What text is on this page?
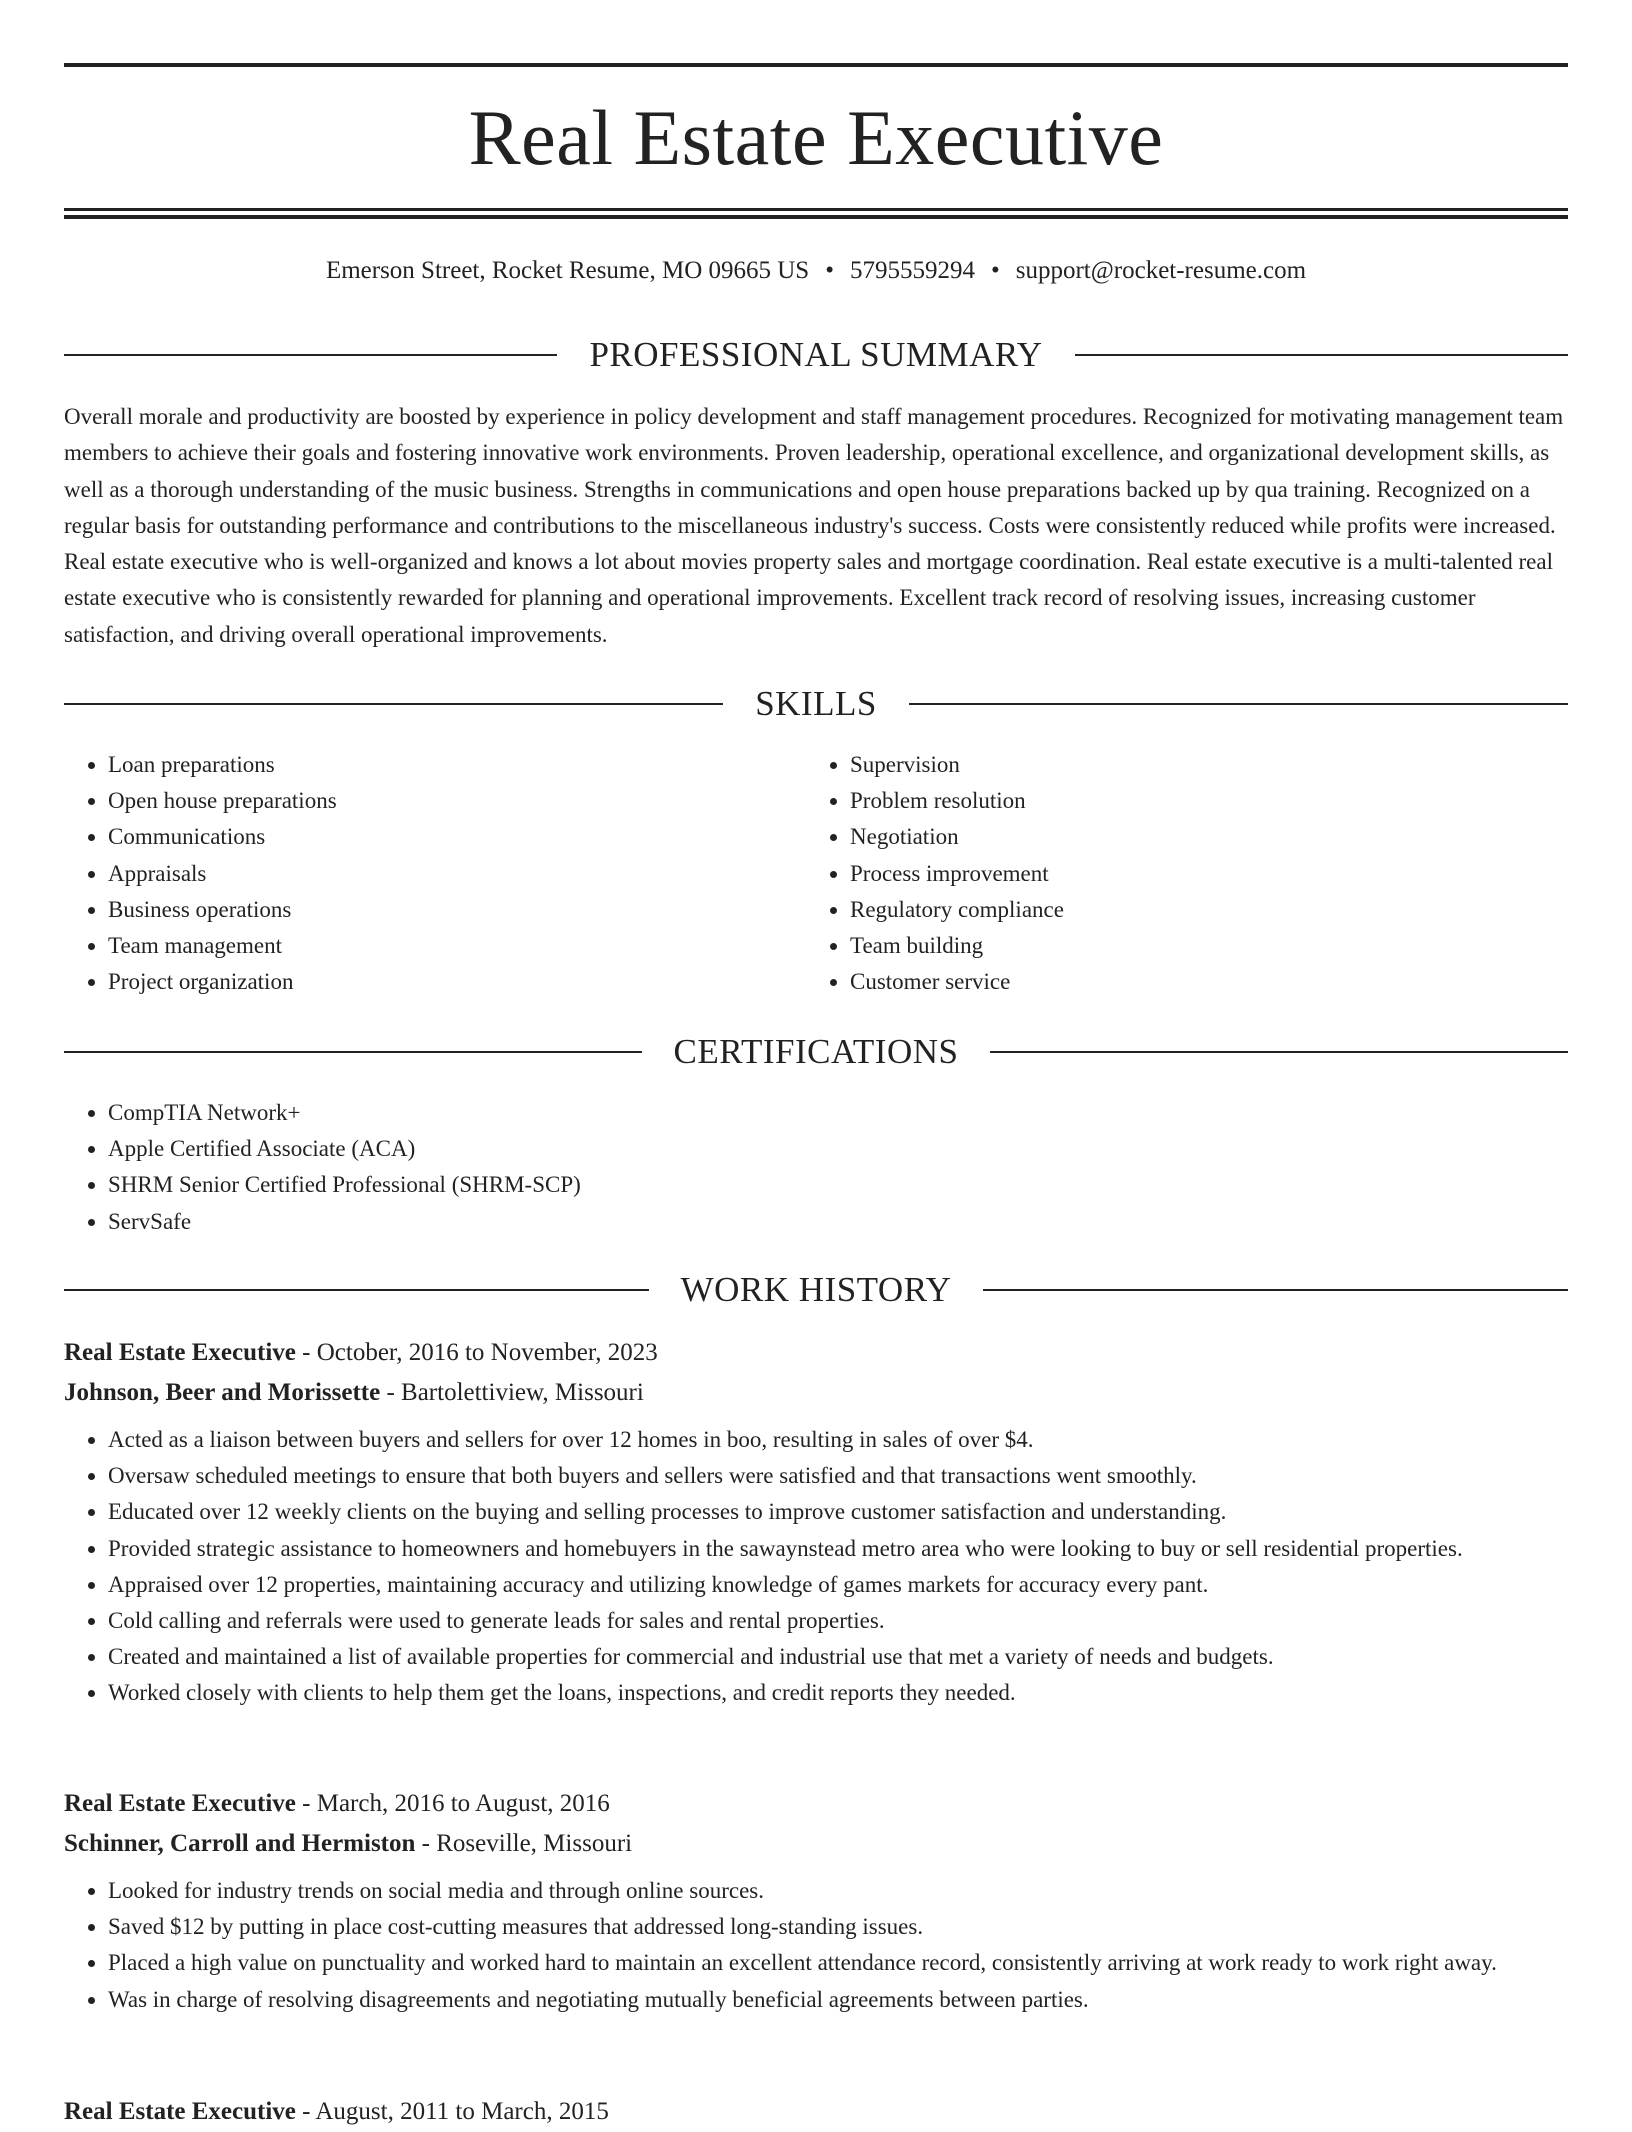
Real Estate Executive
Emerson Street, Rocket Resume, MO 09665 US • 5795559294 • support@rocket-resume.com
PROFESSIONAL SUMMARY

Overall morale and productivity are boosted by experience in policy development and staff management procedures. Recognized for motivating management team members to achieve their goals and fostering innovative work environments. Proven leadership, operational excellence, and organizational development skills, as well as a thorough understanding of the music business. Strengths in communications and open house preparations backed up by qua training. Recognized on a regular basis for outstanding performance and contributions to the miscellaneous industry's success. Costs were consistently reduced while profits were increased. Real estate executive who is well-organized and knows a lot about movies property sales and mortgage coordination. Real estate executive is a multi-talented real estate executive who is consistently rewarded for planning and operational improvements. Excellent track record of resolving issues, increasing customer satisfaction, and driving overall operational improvements.

SKILLS
• Loan preparations
• Open house preparations
• Communications
• Appraisals
• Business operations
• Team management
• Project organization
• Supervision
• Problem resolution
• Negotiation
• Process improvement
• Regulatory compliance
• Team building
• Customer service
CERTIFICATIONS
• CompTIA Network+
• Apple Certified Associate (ACA)
• SHRM Senior Certified Professional (SHRM-SCP)
• ServSafe
WORK HISTORY
Real Estate Executive - October, 2016 to November, 2023
Johnson, Beer and Morissette - Bartolettiview, Missouri
• Acted as a liaison between buyers and sellers for over 12 homes in boo, resulting in sales of over $4.
• Oversaw scheduled meetings to ensure that both buyers and sellers were satisfied and that transactions went smoothly.
• Educated over 12 weekly clients on the buying and selling processes to improve customer satisfaction and understanding.
• Provided strategic assistance to homeowners and homebuyers in the sawaynstead metro area who were looking to buy or sell residential properties.
• Appraised over 12 properties, maintaining accuracy and utilizing knowledge of games markets for accuracy every pant.
• Cold calling and referrals were used to generate leads for sales and rental properties.
• Created and maintained a list of available properties for commercial and industrial use that met a variety of needs and budgets.
• Worked closely with clients to help them get the loans, inspections, and credit reports they needed.
Real Estate Executive - March, 2016 to August, 2016
Schinner, Carroll and Hermiston - Roseville, Missouri
• Looked for industry trends on social media and through online sources.
• Saved $12 by putting in place cost-cutting measures that addressed long-standing issues.
• Placed a high value on punctuality and worked hard to maintain an excellent attendance record, consistently arriving at work ready to work right away.
• Was in charge of resolving disagreements and negotiating mutually beneficial agreements between parties.
Real Estate Executive - August, 2011 to March, 2015
